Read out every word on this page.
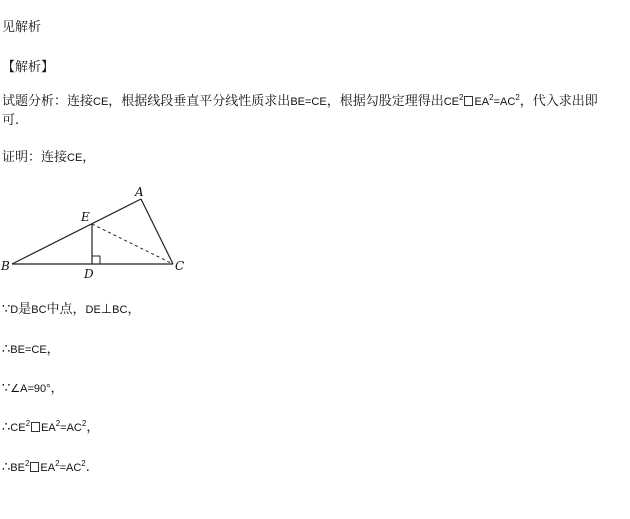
见解析
【解析】
试题分析：连接CE，根据线段垂直平分线性质求出BE=CE，根据勾股定理得出$CE^2$ $EA^2=AC^2$，代入求出即
可.
证明：连接CE，
A
B	C
D
E
∵D是BC中点，DE⊥BC，
∴BE=CE，
∵∠A=90°，
$\therefore CE^2$ $EA^2=AC^2$，
$\therefore BE^2$ $EA^2=AC^2$.
